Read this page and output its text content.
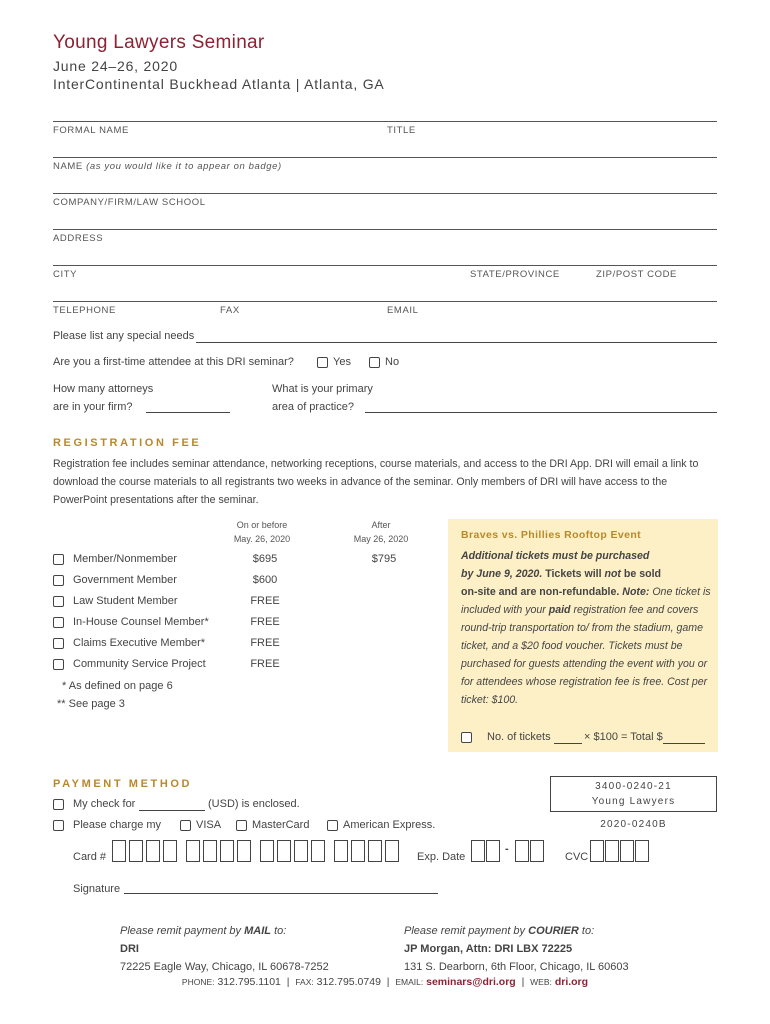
Young Lawyers Seminar
June 24–26, 2020
InterContinental Buckhead Atlanta | Atlanta, GA
FORMAL NAME	TITLE
NAME (as you would like it to appear on badge)
COMPANY/FIRM/LAW SCHOOL
ADDRESS
CITY	STATE/PROVINCE	ZIP/POST CODE
TELEPHONE	FAX	EMAIL
Please list any special needs
Are you a first-time attendee at this DRI seminar?	Yes	No
How many attorneys
are in your firm?
What is your primary
area of practice?
REGISTRATION FEE
Registration fee includes seminar attendance, networking receptions, course materials, and access to the DRI App. DRI will email a link to download the course materials to all registrants two weeks in advance of the seminar. Only members of DRI will have access to the PowerPoint presentations after the seminar.
On or before
May. 26, 2020
After
May 26, 2020
Member/Nonmember	$695	$795
Government Member	$600
Law Student Member	FREE
In-House Counsel Member*	FREE
Claims Executive Member*	FREE
Community Service Project	FREE
* As defined on page 6
** See page 3
Braves vs. Phillies Rooftop Event
Additional tickets must be purchased
by June 9, 2020. Tickets will not be sold
on-site and are non-refundable. Note: One ticket is included with your paid registration fee and covers round-trip transportation to/ from the stadium, game ticket, and a $20 food voucher. Tickets must be purchased for guests attending the event with you or for attendees whose registration fee is free. Cost per ticket: $100.
No. of tickets	× $100 = Total $
PAYMENT METHOD	3400-0240-21
Young Lawyers
2020-0240B
My check for	(USD) is enclosed.
Please charge my	VISA	MasterCard	American Express.
Card #	Exp. Date
-
CVC
Signature
Please remit payment by MAIL to:
DRI
72225 Eagle Way, Chicago, IL 60678-7252
Please remit payment by COURIER to:
JP Morgan, Attn: DRI LBX 72225
131 S. Dearborn, 6th Floor, Chicago, IL 60603
PHONE: 312.795.1101 | FAX: 312.795.0749 | EMAIL: seminars@dri.org | WEB: dri.org
